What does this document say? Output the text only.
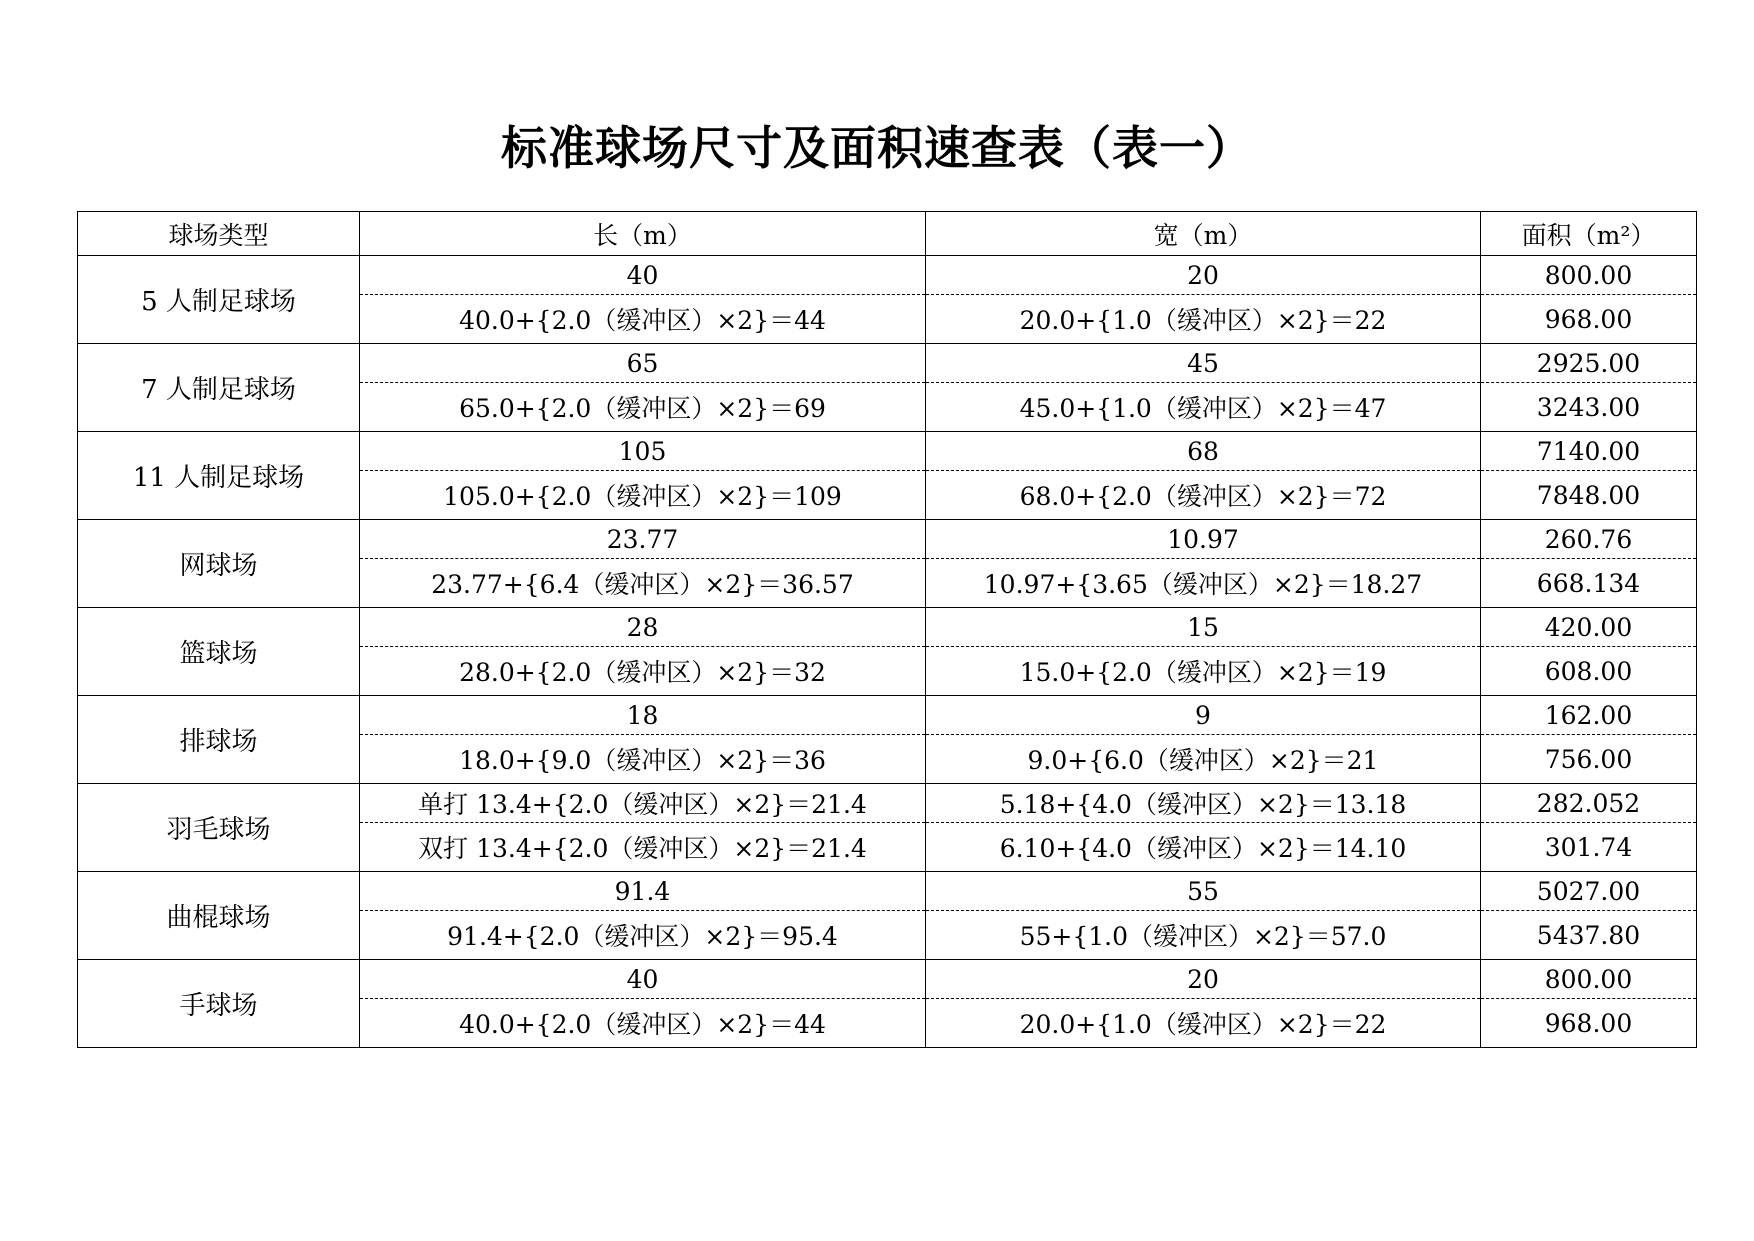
标准球场尺寸及面积速查表（表一）
球场类型	长（m）	宽（m）	面积（m²）
5 人制足球场	40	20	800.00
	40.0+{2.0（缓冲区）×2}＝44	20.0+{1.0（缓冲区）×2}＝22	968.00
7 人制足球场	65	45	2925.00
	65.0+{2.0（缓冲区）×2}＝69	45.0+{1.0（缓冲区）×2}＝47	3243.00
11 人制足球场	105	68	7140.00
	105.0+{2.0（缓冲区）×2}＝109	68.0+{2.0（缓冲区）×2}＝72	7848.00
网球场	23.77	10.97	260.76
	23.77+{6.4（缓冲区）×2}＝36.57	10.97+{3.65（缓冲区）×2}＝18.27	668.134
篮球场	28	15	420.00
	28.0+{2.0（缓冲区）×2}＝32	15.0+{2.0（缓冲区）×2}＝19	608.00
排球场	18	9	162.00
	18.0+{9.0（缓冲区）×2}＝36	9.0+{6.0（缓冲区）×2}＝21	756.00
羽毛球场	单打 13.4+{2.0（缓冲区）×2}＝21.4	5.18+{4.0（缓冲区）×2}＝13.18	282.052
	双打 13.4+{2.0（缓冲区）×2}＝21.4	6.10+{4.0（缓冲区）×2}＝14.10	301.74
曲棍球场	91.4	55	5027.00
	91.4+{2.0（缓冲区）×2}＝95.4	55+{1.0（缓冲区）×2}＝57.0	5437.80
手球场	40	20	800.00
	40.0+{2.0（缓冲区）×2}＝44	20.0+{1.0（缓冲区）×2}＝22	968.00
